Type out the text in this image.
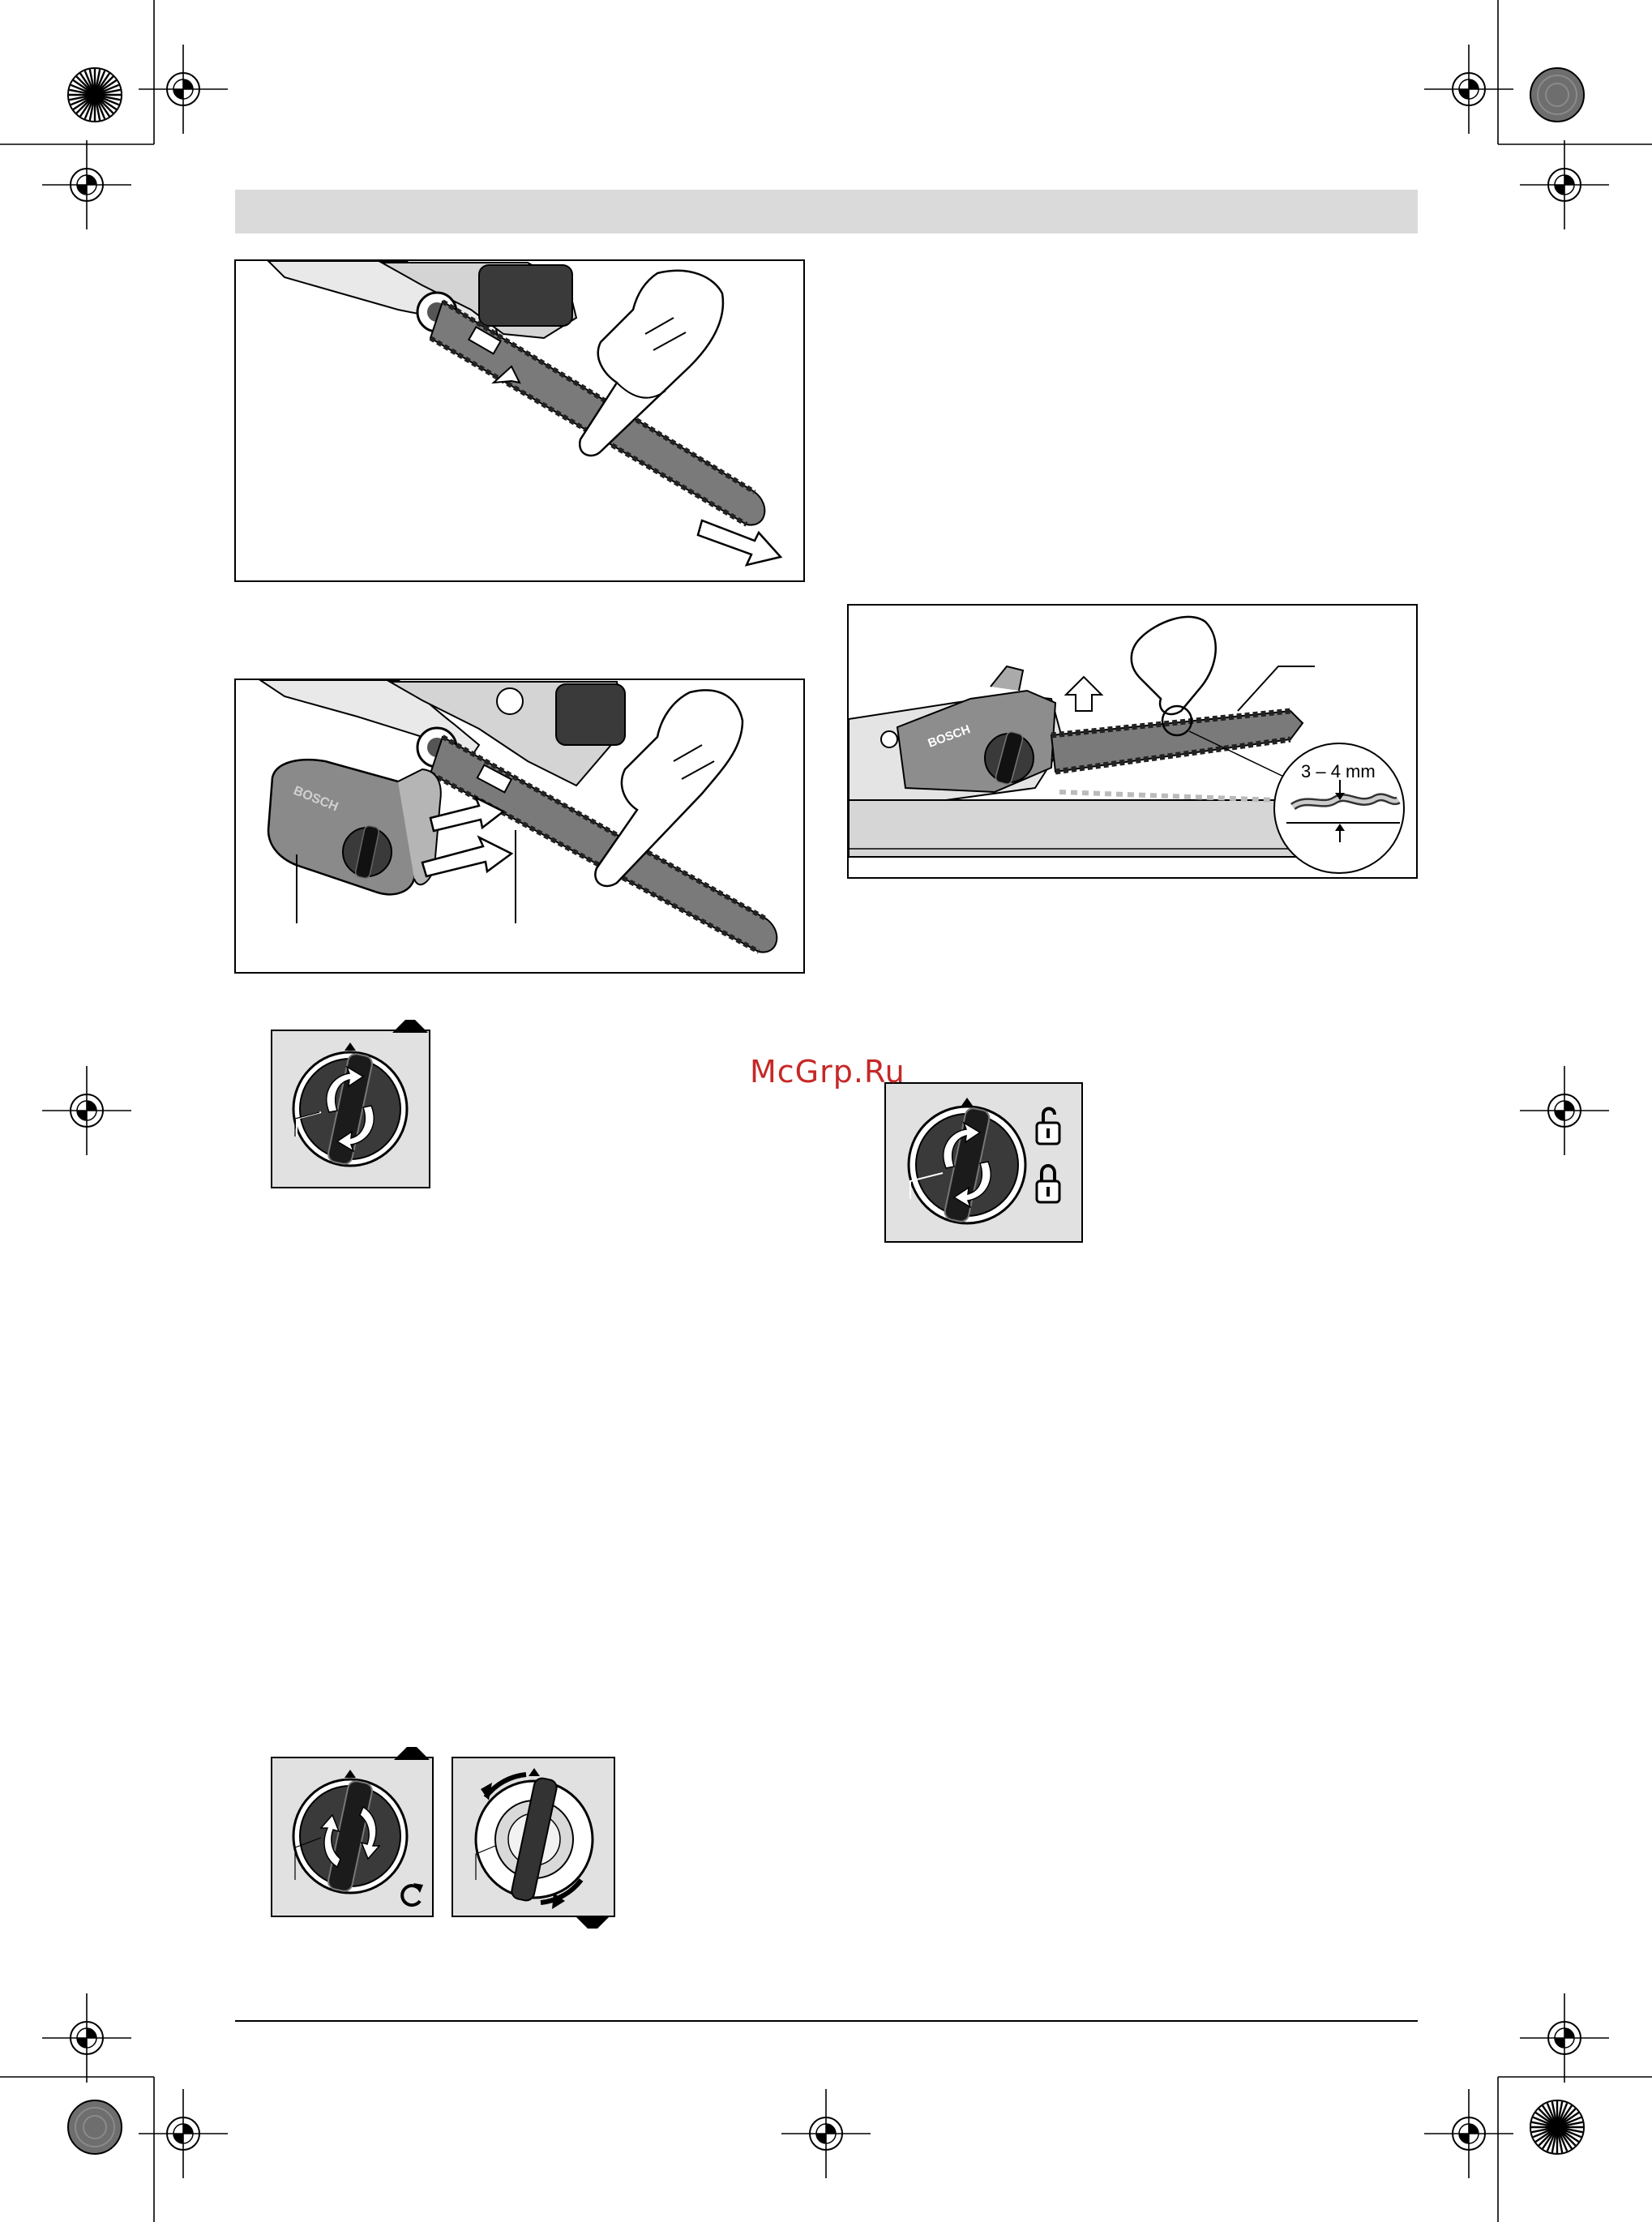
BOSCH
BOSCH
3 – 4 mm
McGrp.Ru
